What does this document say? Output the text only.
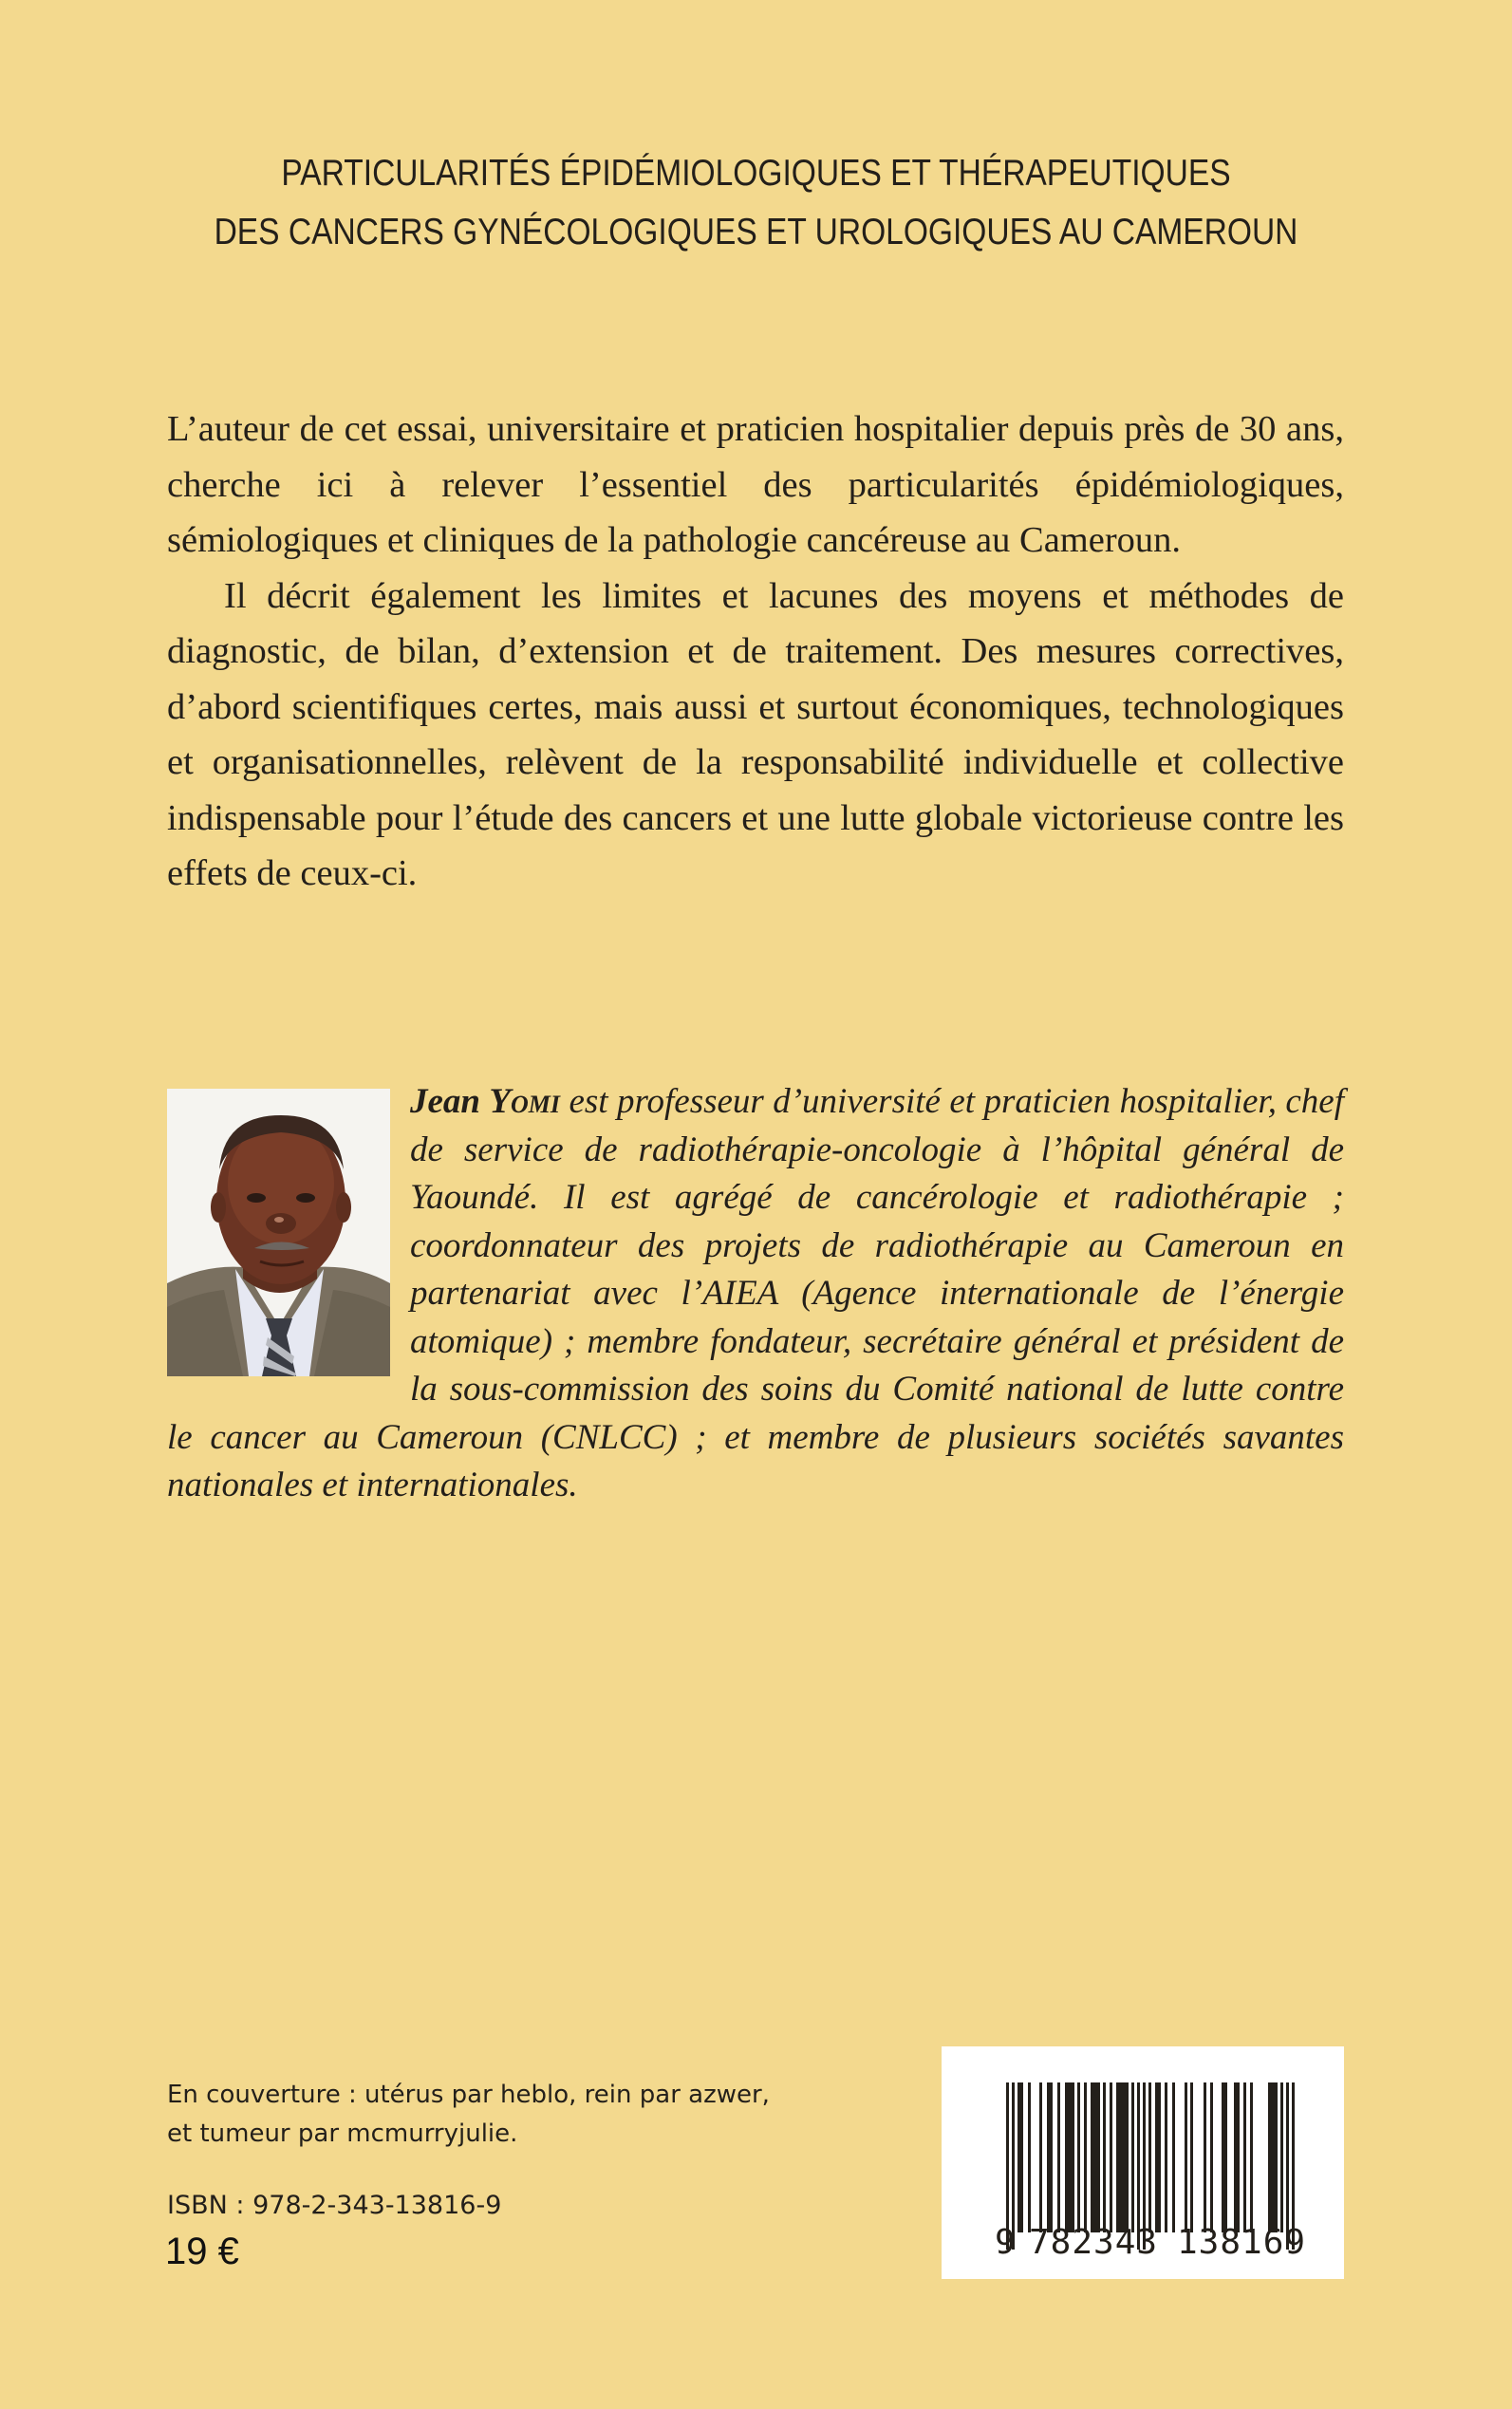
PARTICULARITÉS ÉPIDÉMIOLOGIQUES ET THÉRAPEUTIQUES
DES CANCERS GYNÉCOLOGIQUES ET UROLOGIQUES AU CAMEROUN

L’auteur de cet essai, universitaire et praticien hospitalier depuis près de 30 ans, cherche ici à relever l’essentiel des particularités épidémiologiques, sémiologiques et cliniques de la pathologie cancéreuse au Cameroun.

Il décrit également les limites et lacunes des moyens et méthodes de diagnostic, de bilan, d’extension et de traitement. Des mesures correctives, d’abord scientifiques certes, mais aussi et surtout économiques, technologiques et organisationnelles, relèvent de la responsabilité individuelle et collective indispensable pour l’étude des cancers et une lutte globale victorieuse contre les effets de ceux-ci.

Jean Yomi est professeur d’université et praticien hospitalier, chef de service de radiothérapie-oncologie à l’hôpital général de Yaoundé. Il est agrégé de cancérologie et radiothérapie ; coordonnateur des projets de radiothérapie au Cameroun en partenariat avec l’AIEA (Agence internationale de l’énergie atomique) ; membre fondateur, secrétaire général et président de la sous-commission des soins du Comité national de lutte contre le cancer au Cameroun (CNLCC) ; et membre de plusieurs sociétés savantes nationales et internationales.

En couverture : utérus par heblo, rein par azwer,

et tumeur par mcmurryjulie.

ISBN : 978-2-343-13816-9
19 €	9 782343 138169
